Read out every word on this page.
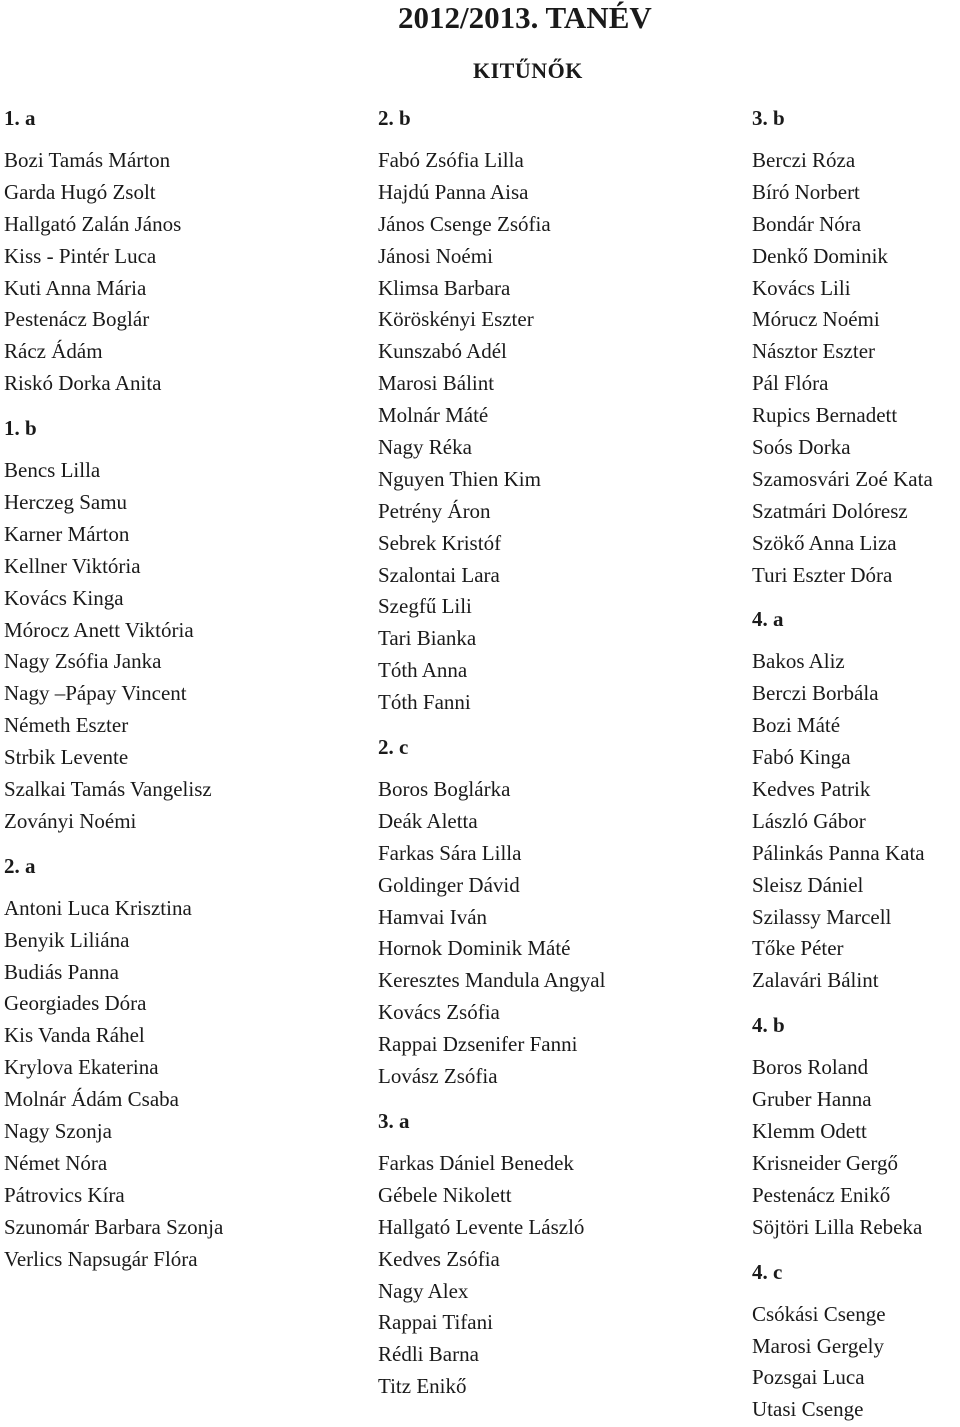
2012/2013. TANÉV
KITŰNŐK
1. a
Bozi Tamás Márton
Garda Hugó Zsolt
Hallgató Zalán János
Kiss - Pintér Luca
Kuti Anna Mária
Pestenácz Boglár
Rácz Ádám
Riskó Dorka Anita
1. b
Bencs Lilla
Herczeg Samu
Karner Márton
Kellner Viktória
Kovács Kinga
Mórocz Anett Viktória
Nagy Zsófia Janka
Nagy –Pápay Vincent
Németh Eszter
Strbik Levente
Szalkai Tamás Vangelisz
Zoványi Noémi
2. a
Antoni Luca Krisztina
Benyik Liliána
Budiás Panna
Georgiades Dóra
Kis Vanda Ráhel
Krylova Ekaterina
Molnár Ádám Csaba
Nagy Szonja
Német Nóra
Pátrovics Kíra
Szunomár Barbara Szonja
Verlics Napsugár Flóra
2. b
Fabó Zsófia Lilla
Hajdú Panna Aisa
János Csenge Zsófia
Jánosi Noémi
Klimsa Barbara
Köröskényi Eszter
Kunszabó Adél
Marosi Bálint
Molnár Máté
Nagy Réka
Nguyen Thien Kim
Petrény Áron
Sebrek Kristóf
Szalontai Lara
Szegfű Lili
Tari Bianka
Tóth Anna
Tóth Fanni
2. c
Boros Boglárka
Deák Aletta
Farkas Sára Lilla
Goldinger Dávid
Hamvai Iván
Hornok Dominik Máté
Keresztes Mandula Angyal
Kovács Zsófia
Rappai Dzsenifer Fanni
Lovász Zsófia
3. a
Farkas Dániel Benedek
Gébele Nikolett
Hallgató Levente László
Kedves Zsófia
Nagy Alex
Rappai Tifani
Rédli Barna
Titz Enikő
3. b
Berczi Róza
Bíró Norbert
Bondár Nóra
Denkő Dominik
Kovács Lili
Mórucz Noémi
Násztor Eszter
Pál Flóra
Rupics Bernadett
Soós Dorka
Szamosvári Zoé Kata
Szatmári Dolóresz
Szökő Anna Liza
Turi Eszter Dóra
4. a
Bakos Aliz
Berczi Borbála
Bozi Máté
Fabó Kinga
Kedves Patrik
László Gábor
Pálinkás Panna Kata
Sleisz Dániel
Szilassy Marcell
Tőke Péter
Zalavári Bálint
4. b
Boros Roland
Gruber Hanna
Klemm Odett
Krisneider Gergő
Pestenácz Enikő
Söjtöri Lilla Rebeka
4. c
Csókási Csenge
Marosi Gergely
Pozsgai Luca
Utasi Csenge
